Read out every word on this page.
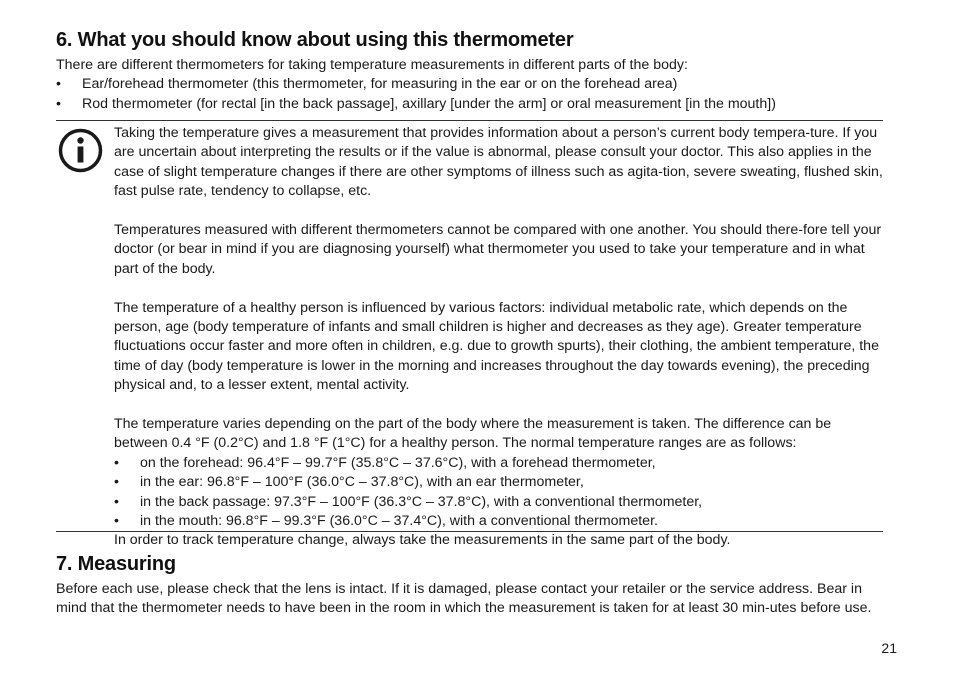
6. What you should know about using this thermometer
There are different thermometers for taking temperature measurements in different parts of the body:
• Ear/forehead thermometer (this thermometer, for measuring in the ear or on the forehead area)
• Rod thermometer (for rectal [in the back passage], axillary [under the arm] or oral measurement [in the mouth])

Taking the temperature gives a measurement that provides information about a person’s current body tempera-ture. If you are uncertain about interpreting the results or if the value is abnormal, please consult your doctor. This also applies in the case of slight temperature changes if there are other symptoms of illness such as agita-tion, severe sweating, flushed skin, fast pulse rate, tendency to collapse, etc.

Temperatures measured with different thermometers cannot be compared with one another. You should there-fore tell your doctor (or bear in mind if you are diagnosing yourself) what thermometer you used to take your temperature and in what part of the body.

The temperature of a healthy person is influenced by various factors: individual metabolic rate, which depends on the person, age (body temperature of infants and small children is higher and decreases as they age). Greater temperature fluctuations occur faster and more often in children, e.g. due to growth spurts), their clothing, the ambient temperature, the time of day (body temperature is lower in the morning and increases throughout the day towards evening), the preceding physical and, to a lesser extent, mental activity.

The temperature varies depending on the part of the body where the measurement is taken. The difference can be between 0.4 °F (0.2°C) and 1.8 °F (1°C) for a healthy person. The normal temperature ranges are as follows:

• on the forehead: 96.4°F – 99.7°F (35.8°C – 37.6°C), with a forehead thermometer,
• in the ear: 96.8°F – 100°F (36.0°C – 37.8°C), with an ear thermometer,
• in the back passage: 97.3°F – 100°F (36.3°C – 37.8°C), with a conventional thermometer,
• in the mouth: 96.8°F – 99.3°F (36.0°C – 37.4°C), with a conventional thermometer.
In order to track temperature change, always take the measurements in the same part of the body.
7. Measuring
Before each use, please check that the lens is intact. If it is damaged, please contact your retailer or the service address. Bear in mind that the thermometer needs to have been in the room in which the measurement is taken for at least 30 min-utes before use.
21
